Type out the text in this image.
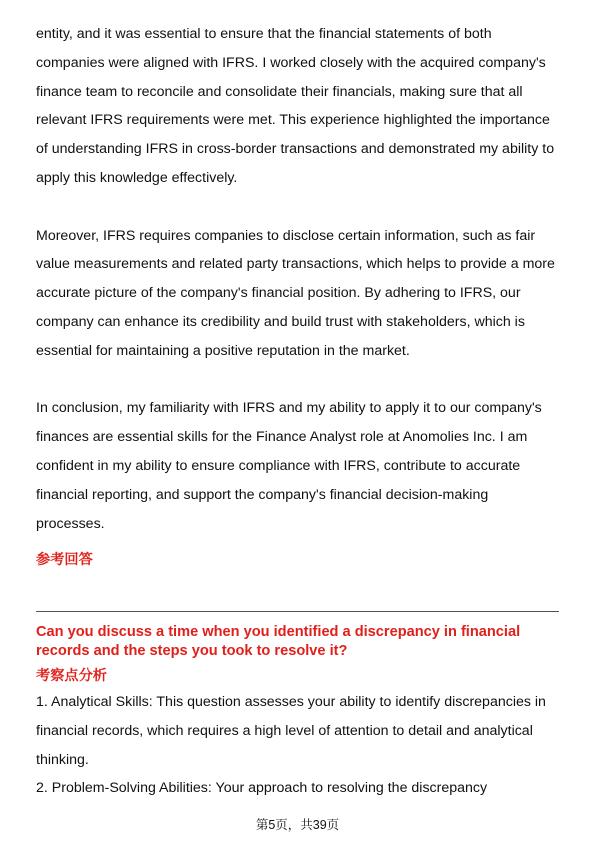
entity, and it was essential to ensure that the financial statements of both companies were aligned with IFRS. I worked closely with the acquired company's finance team to reconcile and consolidate their financials, making sure that all relevant IFRS requirements were met. This experience highlighted the importance of understanding IFRS in cross-border transactions and demonstrated my ability to apply this knowledge effectively.

Moreover, IFRS requires companies to disclose certain information, such as fair value measurements and related party transactions, which helps to provide a more accurate picture of the company's financial position. By adhering to IFRS, our company can enhance its credibility and build trust with stakeholders, which is essential for maintaining a positive reputation in the market.

In conclusion, my familiarity with IFRS and my ability to apply it to our company's finances are essential skills for the Finance Analyst role at Anomolies Inc. I am confident in my ability to ensure compliance with IFRS, contribute to accurate financial reporting, and support the company's financial decision-making processes.

参考回答

Can you discuss a time when you identified a discrepancy in financial records and the steps you took to resolve it?

考察点分析

1. Analytical Skills: This question assesses your ability to identify discrepancies in financial records, which requires a high level of attention to detail and analytical thinking.

2. Problem-Solving Abilities: Your approach to resolving the discrepancy

第5页，共39页
